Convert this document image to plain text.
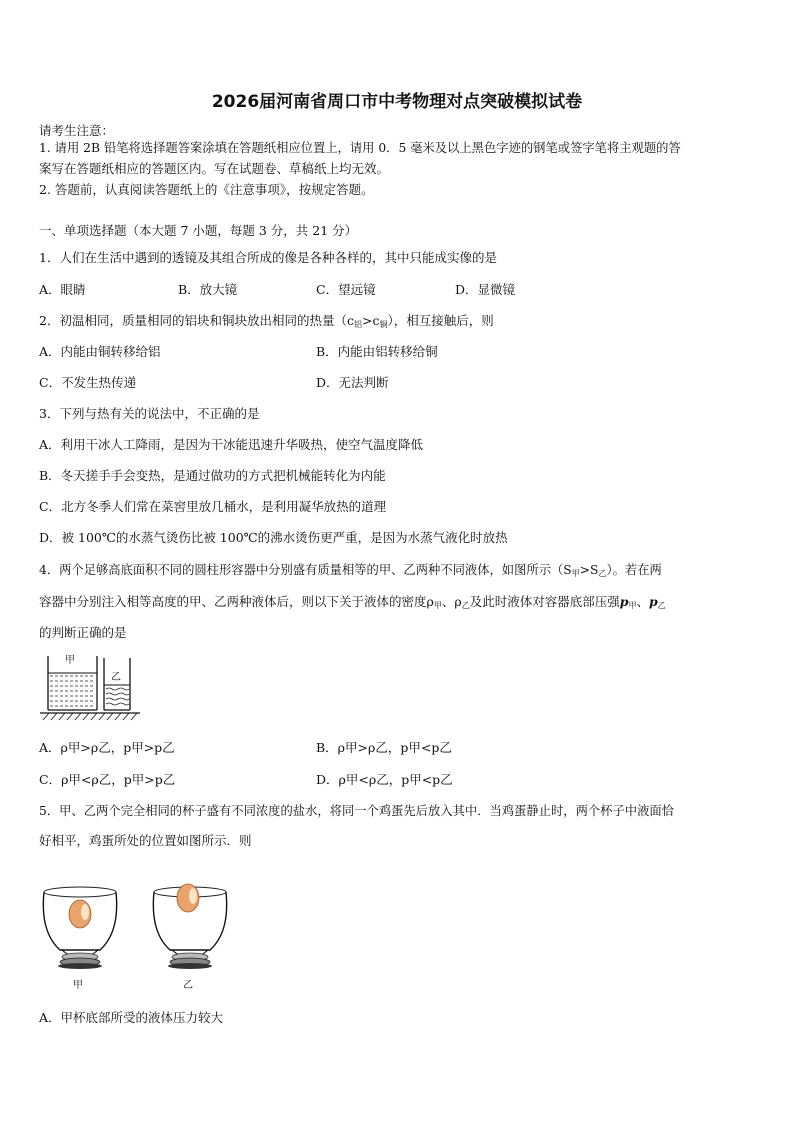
2026届河南省周口市中考物理对点突破模拟试卷
请考生注意：
1. 请用 2B 铅笔将选择题答案涂填在答题纸相应位置上，请用 0．5 毫米及以上黑色字迹的钢笔或签字笔将主观题的答
案写在答题纸相应的答题区内。写在试题卷、草稿纸上均无效。
2. 答题前，认真阅读答题纸上的《注意事项》，按规定答题。
一、单项选择题（本大题 7 小题，每题 3 分，共 21 分）
1．人们在生活中遇到的透镜及其组合所成的像是各种各样的，其中只能成实像的是
A．眼睛	B．放大镜	C．望远镜	D．显微镜
2．初温相同，质量相同的铝块和铜块放出相同的热量$(c_铝>c_铜)$，相互接触后，则
A．内能由铜转移给铝	B．内能由铝转移给铜
C．不发生热传递	D．无法判断
3．下列与热有关的说法中，不正确的是
A．利用干冰人工降雨，是因为干冰能迅速升华吸热，使空气温度降低
B．冬天搓手手会变热，是通过做功的方式把机械能转化为内能
C．北方冬季人们常在菜窖里放几桶水，是利用凝华放热的道理
D．被 100℃的水蒸气烫伤比被 100℃的沸水烫伤更严重，是因为水蒸气液化时放热
4．两个足够高底面积不同的圆柱形容器中分别盛有质量相等的甲、乙两种不同液体，如图所示$(S_甲>S_乙)$。若在两
容器中分别注入相等高度的甲、乙两种液体后，则以下关于液体的密度$\rho_甲$、$\rho_乙$及此时液体对容器底部压强$p_甲$、$p_乙$
的判断正确的是
甲
乙
A．ρ甲>ρ乙，p甲>p乙	B．ρ甲>ρ乙，p甲<p乙
C．ρ甲<ρ乙，p甲>p乙	D．ρ甲<ρ乙，p甲<p乙
5．甲、乙两个完全相同的杯子盛有不同浓度的盐水，将同一个鸡蛋先后放入其中．当鸡蛋静止时，两个杯子中液面恰
好相平，鸡蛋所处的位置如图所示．则
甲	乙
A．甲杯底部所受的液体压力较大
